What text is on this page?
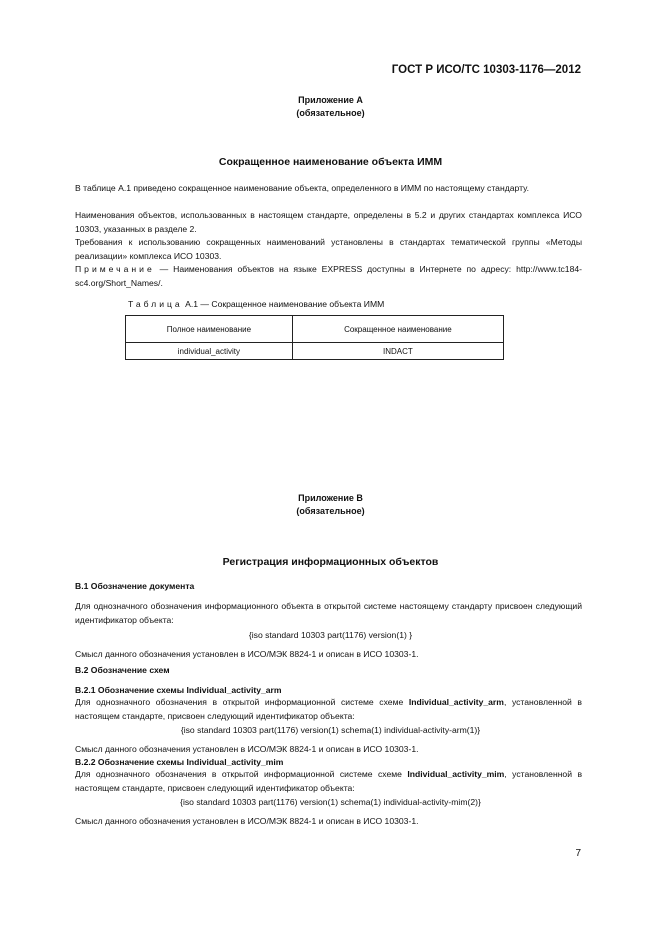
ГОСТ Р ИСО/ТС 10303-1176—2012
Приложение А
(обязательное)
Сокращенное наименование объекта ИММ
В таблице А.1 приведено сокращенное наименование объекта, определенного в ИММ по настоящему стандарту.
Наименования объектов, использованных в настоящем стандарте, определены в 5.2 и других стандартах комплекса ИСО 10303, указанных в разделе 2.
Требования к использованию сокращенных наименований установлены в стандартах тематической группы «Методы реализации» комплекса ИСО 10303.
Примечание — Наименования объектов на языке EXPRESS доступны в Интернете по адресу: http://www.tc184-sc4.org/Short_Names/.
Таблица А.1 — Сокращенное наименование объекта ИММ
Полное наименование	Сокращенное наименование
individual_activity	INDACT
Приложение В
(обязательное)
Регистрация информационных объектов
В.1 Обозначение документа
Для однозначного обозначения информационного объекта в открытой системе настоящему стандарту присвоен следующий идентификатор объекта:
{iso standard 10303 part(1176) version(1) }
Смысл данного обозначения установлен в ИСО/МЭК 8824-1 и описан в ИСО 10303-1.
В.2 Обозначение схем
В.2.1 Обозначение схемы Individual_activity_arm
Для однозначного обозначения в открытой информационной системе схеме Individual_activity_arm, установленной в настоящем стандарте, присвоен следующий идентификатор объекта:
{iso standard 10303 part(1176) version(1) schema(1) individual-activity-arm(1)}
Смысл данного обозначения установлен в ИСО/МЭК 8824-1 и описан в ИСО 10303-1.
В.2.2 Обозначение схемы Individual_activity_mim
Для однозначного обозначения в открытой информационной системе схеме Individual_activity_mim, установленной в настоящем стандарте, присвоен следующий идентификатор объекта:
{iso standard 10303 part(1176) version(1) schema(1) individual-activity-mim(2)}
Смысл данного обозначения установлен в ИСО/МЭК 8824-1 и описан в ИСО 10303-1.
7
